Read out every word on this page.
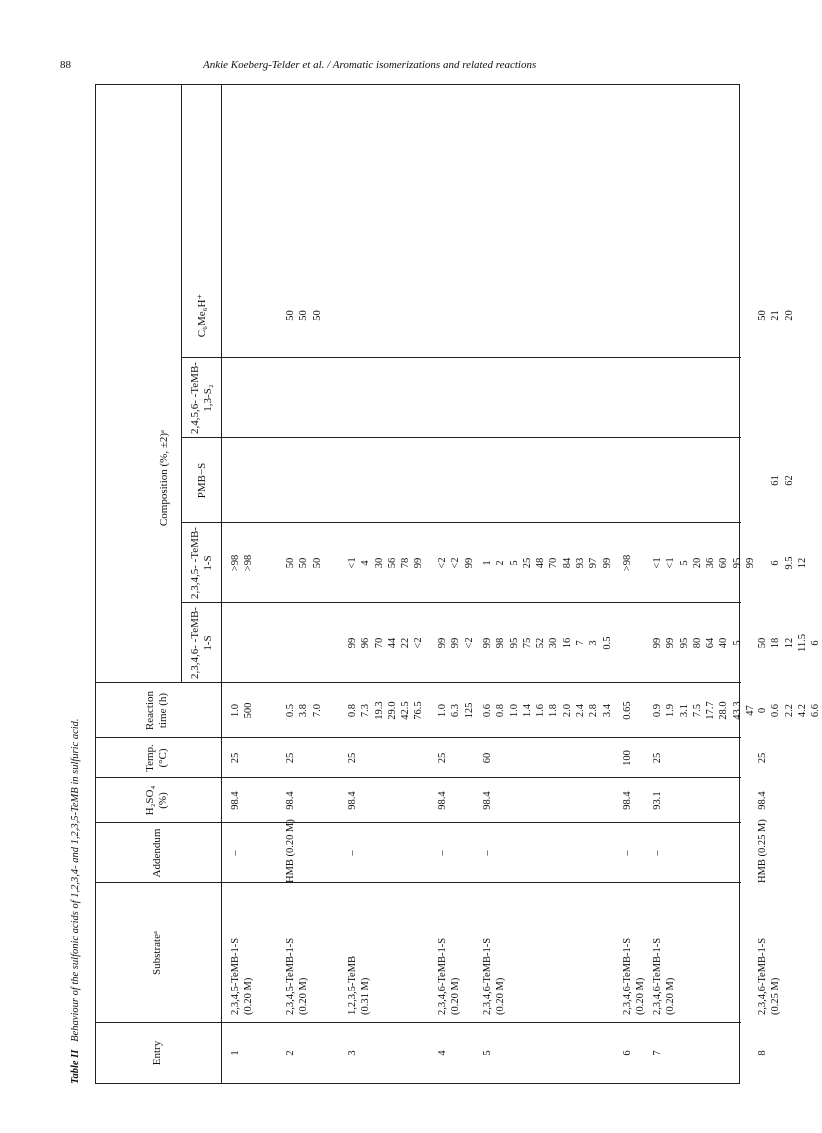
88	Ankie Koeberg-Telder et al. / Aromatic isomerizations and related reactions
Table II   Behaviour of the sulfonic acids of 1,2,3,4- and 1,2,3,5-TeMB in sulfuric acid.
Entry
Substrateᵃ
Addendum
H₂SO₄ (%)
Temp. (°C)
Reaction time (h)
Composition (%, ±2)ᵃ
2,3,4,6- -TeMB-1-S
2,3,4,5- -TeMB-1-S
PMB−S
2,4,5,6- -TeMB-1,3-S₂
C₆Me₆H⁺
1
2,3,4,5-TeMB-1-S
(0.20 M)
–
98.4
25
1.0
500
>98
>98
2
2,3,4,5-TeMB-1-S
(0.20 M)
HMB (0.20 M)
98.4
25
0.5
3.8
7.0
50
50
50
50
50
50
3
1,2,3,5-TeMB
(0.31 M)
–
98.4
25
0.8
7.3
19.3
29.0
42.5
76.5
99
96
70
44
22
<2
<1
4
30
56
78
99
4
2,3,4,6-TeMB-1-S
(0.20 M)
–
98.4
25
1.0
6.3
125
99
99
<2
<2
<2
99
5
2,3,4,6-TeMB-1-S
(0.20 M)
–
98.4
60
0.6
0.8
1.0
1.4
1.6
1.8
2.0
2.4
2.8
3.4
99
98
95
75
52
30
16
7
3
0.5
1
2
5
25
48
70
84
93
97
99
6
2,3,4,6-TeMB-1-S
(0.20 M)
–
98.4
100
0.65
>98
7
2,3,4,6-TeMB-1-S
(0.20 M)
–
93.1
25
0.9
1.9
3.1
7.5
17.7
28.0
43.3
47
99
99
95
80
64
40
5
<1
<1
5
20
36
60
95
99
8
2,3,4,6-TeMB-1-S
(0.25 M)
HMB (0.25 M)
98.4
25
0
0.6
2.2
4.2
6.6
50
18
12
11.5
6

6
9.5
12

61
62
50
21
20
